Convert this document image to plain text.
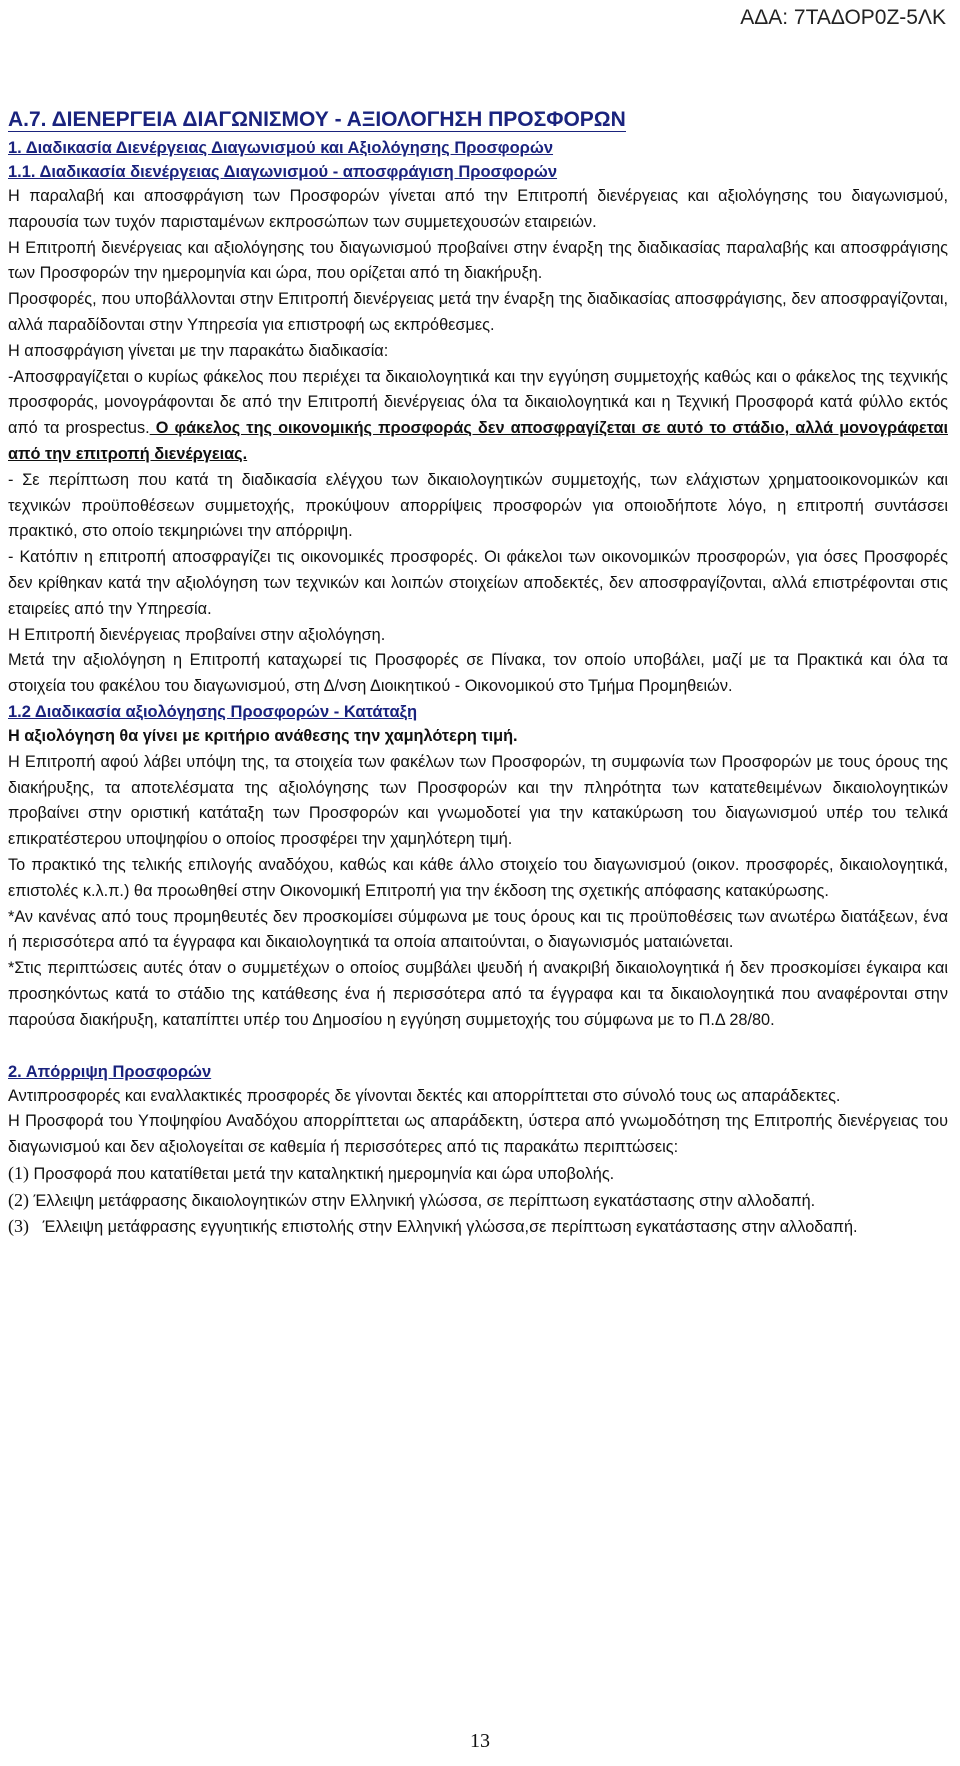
ΑΔΑ: 7ΤΑΔΟΡ0Ζ-5ΛΚ

Α.7. ΔΙΕΝΕΡΓΕΙΑ ΔΙΑΓΩΝΙΣΜΟΥ - ΑΞΙΟΛΟΓΗΣΗ ΠΡΟΣΦΟΡΩΝ

1. Διαδικασία Διενέργειας Διαγωνισμού και Αξιολόγησης Προσφορών

1.1. Διαδικασία διενέργειας Διαγωνισμού - αποσφράγιση Προσφορών

Η παραλαβή και αποσφράγιση των Προσφορών γίνεται από την Επιτροπή διενέργειας και αξιολόγησης του διαγωνισμού, παρουσία των τυχόν παρισταμένων εκπροσώπων των συμμετεχουσών εταιρειών.

Η Επιτροπή διενέργειας και αξιολόγησης του διαγωνισμού προβαίνει στην έναρξη της διαδικασίας παραλαβής και αποσφράγισης των Προσφορών την ημερομηνία και ώρα, που ορίζεται από τη διακήρυξη.

Προσφορές, που υποβάλλονται στην Επιτροπή διενέργειας μετά την έναρξη της διαδικασίας αποσφράγισης, δεν αποσφραγίζονται, αλλά παραδίδονται στην Υπηρεσία για επιστροφή ως εκπρόθεσμες.

Η αποσφράγιση γίνεται με την παρακάτω διαδικασία:

-Αποσφραγίζεται ο κυρίως φάκελος που περιέχει τα δικαιολογητικά και την εγγύηση συμμετοχής καθώς και ο φάκελος της τεχνικής προσφοράς, μονογράφονται δε από την Επιτροπή διενέργειας όλα τα δικαιολογητικά και η Τεχνική Προσφορά κατά φύλλο εκτός από τα prospectus. Ο φάκελος της οικονομικής προσφοράς δεν αποσφραγίζεται σε αυτό το στάδιο, αλλά μονογράφεται από την επιτροπή διενέργειας.

- Σε περίπτωση που κατά τη διαδικασία ελέγχου των δικαιολογητικών συμμετοχής, των ελάχιστων χρηματοοικονομικών και τεχνικών προϋποθέσεων συμμετοχής, προκύψουν απορρίψεις προσφορών για οποιοδήποτε λόγο, η επιτροπή συντάσσει πρακτικό, στο οποίο τεκμηριώνει την απόρριψη.

- Κατόπιν η επιτροπή αποσφραγίζει τις οικονομικές προσφορές. Οι φάκελοι των οικονομικών προσφορών, για όσες Προσφορές δεν κρίθηκαν κατά την αξιολόγηση των τεχνικών και λοιπών στοιχείων αποδεκτές, δεν αποσφραγίζονται, αλλά επιστρέφονται στις εταιρείες από την Υπηρεσία.

Η Επιτροπή διενέργειας προβαίνει στην αξιολόγηση.

Μετά την αξιολόγηση η Επιτροπή καταχωρεί τις Προσφορές σε Πίνακα, τον οποίο υποβάλει, μαζί με τα Πρακτικά και όλα τα στοιχεία του φακέλου του διαγωνισμού, στη Δ/νση Διοικητικού - Οικονομικού στο Τμήμα Προμηθειών.

1.2 Διαδικασία αξιολόγησης Προσφορών - Κατάταξη

Η αξιολόγηση θα γίνει με κριτήριο ανάθεσης την χαμηλότερη τιμή.

Η Επιτροπή αφού λάβει υπόψη της, τα στοιχεία των φακέλων των Προσφορών, τη συμφωνία των Προσφορών με τους όρους της διακήρυξης, τα αποτελέσματα της αξιολόγησης των Προσφορών και την πληρότητα των κατατεθειμένων δικαιολογητικών προβαίνει στην οριστική κατάταξη των Προσφορών και γνωμοδοτεί για την κατακύρωση του διαγωνισμού υπέρ του τελικά επικρατέστερου υποψηφίου ο οποίος προσφέρει την χαμηλότερη τιμή.

Το πρακτικό της τελικής επιλογής αναδόχου, καθώς και κάθε άλλο στοιχείο του διαγωνισμού (οικον. προσφορές, δικαιολογητικά, επιστολές κ.λ.π.) θα προωθηθεί στην Οικονομική Επιτροπή για την έκδοση της σχετικής απόφασης κατακύρωσης.

*Αν κανένας από τους προμηθευτές δεν προσκομίσει σύμφωνα με τους όρους και τις προϋποθέσεις των ανωτέρω διατάξεων, ένα ή περισσότερα από τα έγγραφα και δικαιολογητικά τα οποία απαιτούνται, ο διαγωνισμός ματαιώνεται.

*Στις περιπτώσεις αυτές όταν ο συμμετέχων ο οποίος συμβάλει ψευδή ή ανακριβή δικαιολογητικά ή δεν προσκομίσει έγκαιρα και προσηκόντως κατά το στάδιο της κατάθεσης ένα ή περισσότερα από τα έγγραφα και τα δικαιολογητικά που αναφέρονται στην παρούσα διακήρυξη, καταπίπτει υπέρ του Δημοσίου η εγγύηση συμμετοχής του σύμφωνα με το Π.Δ 28/80.

2. Απόρριψη Προσφορών

Αντιπροσφορές και εναλλακτικές προσφορές δε γίνονται δεκτές και απορρίπτεται στο σύνολό τους ως απαράδεκτες.

Η Προσφορά του Υποψηφίου Αναδόχου απορρίπτεται ως απαράδεκτη, ύστερα από γνωμοδότηση της Επιτροπής διενέργειας του διαγωνισμού και δεν αξιολογείται σε καθεμία ή περισσότερες από τις παρακάτω περιπτώσεις:

(1) Προσφορά που κατατίθεται μετά την καταληκτική ημερομηνία και ώρα υποβολής.

(2) Έλλειψη μετάφρασης δικαιολογητικών στην Ελληνική γλώσσα, σε περίπτωση εγκατάστασης στην αλλοδαπή.

(3) Έλλειψη μετάφρασης εγγυητικής επιστολής στην Ελληνική γλώσσα,σε περίπτωση εγκατάστασης στην αλλοδαπή.

13
